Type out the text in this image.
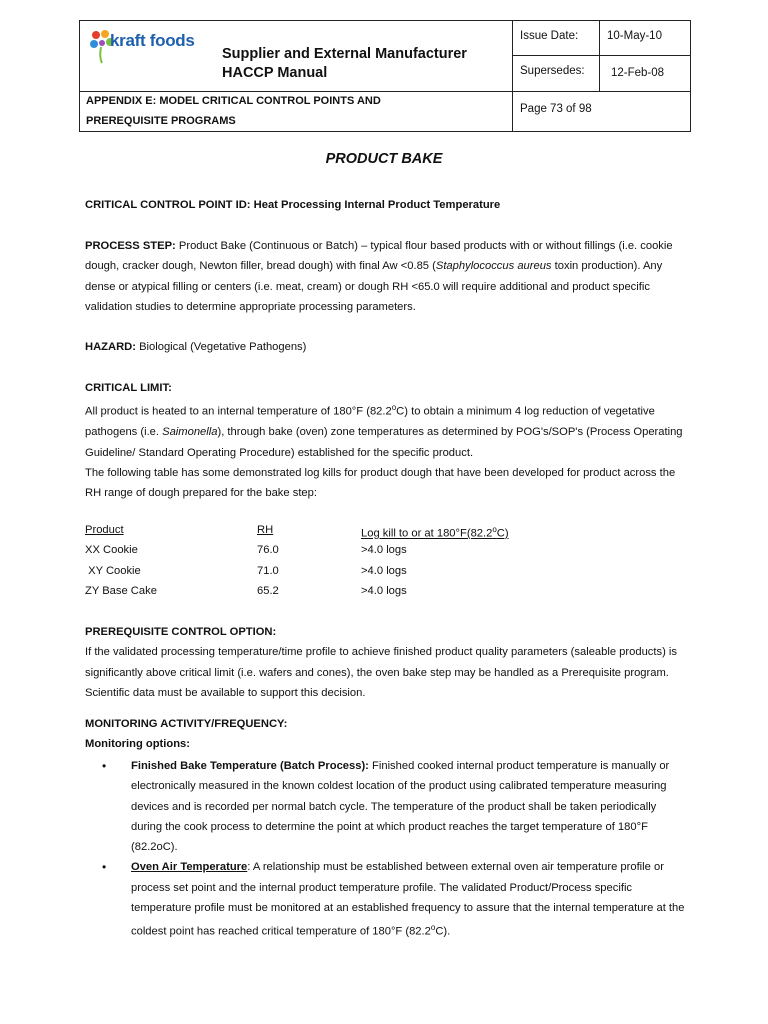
kraft foods
Supplier and External Manufacturer
HACCP Manual
Issue Date:	10-May-10
Supersedes: 12-Feb-08
APPENDIX E: MODEL CRITICAL CONTROL POINTS AND
PREREQUISITE PROGRAMS
Page 73 of 98
PRODUCT BAKE
CRITICAL CONTROL POINT ID: Heat Processing Internal Product Temperature
PROCESS STEP: Product Bake (Continuous or Batch) – typical flour based products with or without fillings (i.e. cookie dough, cracker dough, Newton filler, bread dough) with final Aw <0.85 (Staphylococcus aureus toxin production). Any dense or atypical filling or centers (i.e. meat, cream) or dough RH <65.0 will require additional and product specific validation studies to determine appropriate processing parameters.
HAZARD: Biological (Vegetative Pathogens)
CRITICAL LIMIT:
All product is heated to an internal temperature of 180°F (82.2$^o$C) to obtain a minimum 4 log reduction of vegetative pathogens (i.e. Saimonella), through bake (oven) zone temperatures as determined by POG's/SOP's (Process Operating Guideline/ Standard Operating Procedure) established for the specific product.
The following table has some demonstrated log kills for product dough that have been developed for product across the RH range of dough prepared for the bake step:
Product	RH	Log kill to or at 180°F(82.2$^o$C)
XX Cookie	76.0	>4.0 logs
XY Cookie	71.0	>4.0 logs
ZY Base Cake	65.2	>4.0 logs
PREREQUISITE CONTROL OPTION:
If the validated processing temperature/time profile to achieve finished product quality parameters (saleable products) is significantly above critical limit (i.e. wafers and cones), the oven bake step may be handled as a Prerequisite program. Scientific data must be available to support this decision.
MONITORING ACTIVITY/FREQUENCY:
Monitoring options:
• Finished Bake Temperature (Batch Process): Finished cooked internal product temperature is manually or electronically measured in the known coldest location of the product using calibrated temperature measuring devices and is recorded per normal batch cycle. The temperature of the product shall be taken periodically during the cook process to determine the point at which product reaches the target temperature of 180°F (82.2oC).
• Oven Air Temperature: A relationship must be established between external oven air temperature profile or process set point and the internal product temperature profile. The validated Product/Process specific temperature profile must be monitored at an established frequency to assure that the internal temperature at the coldest point has reached critical temperature of 180°F (82.2$^o$C).
